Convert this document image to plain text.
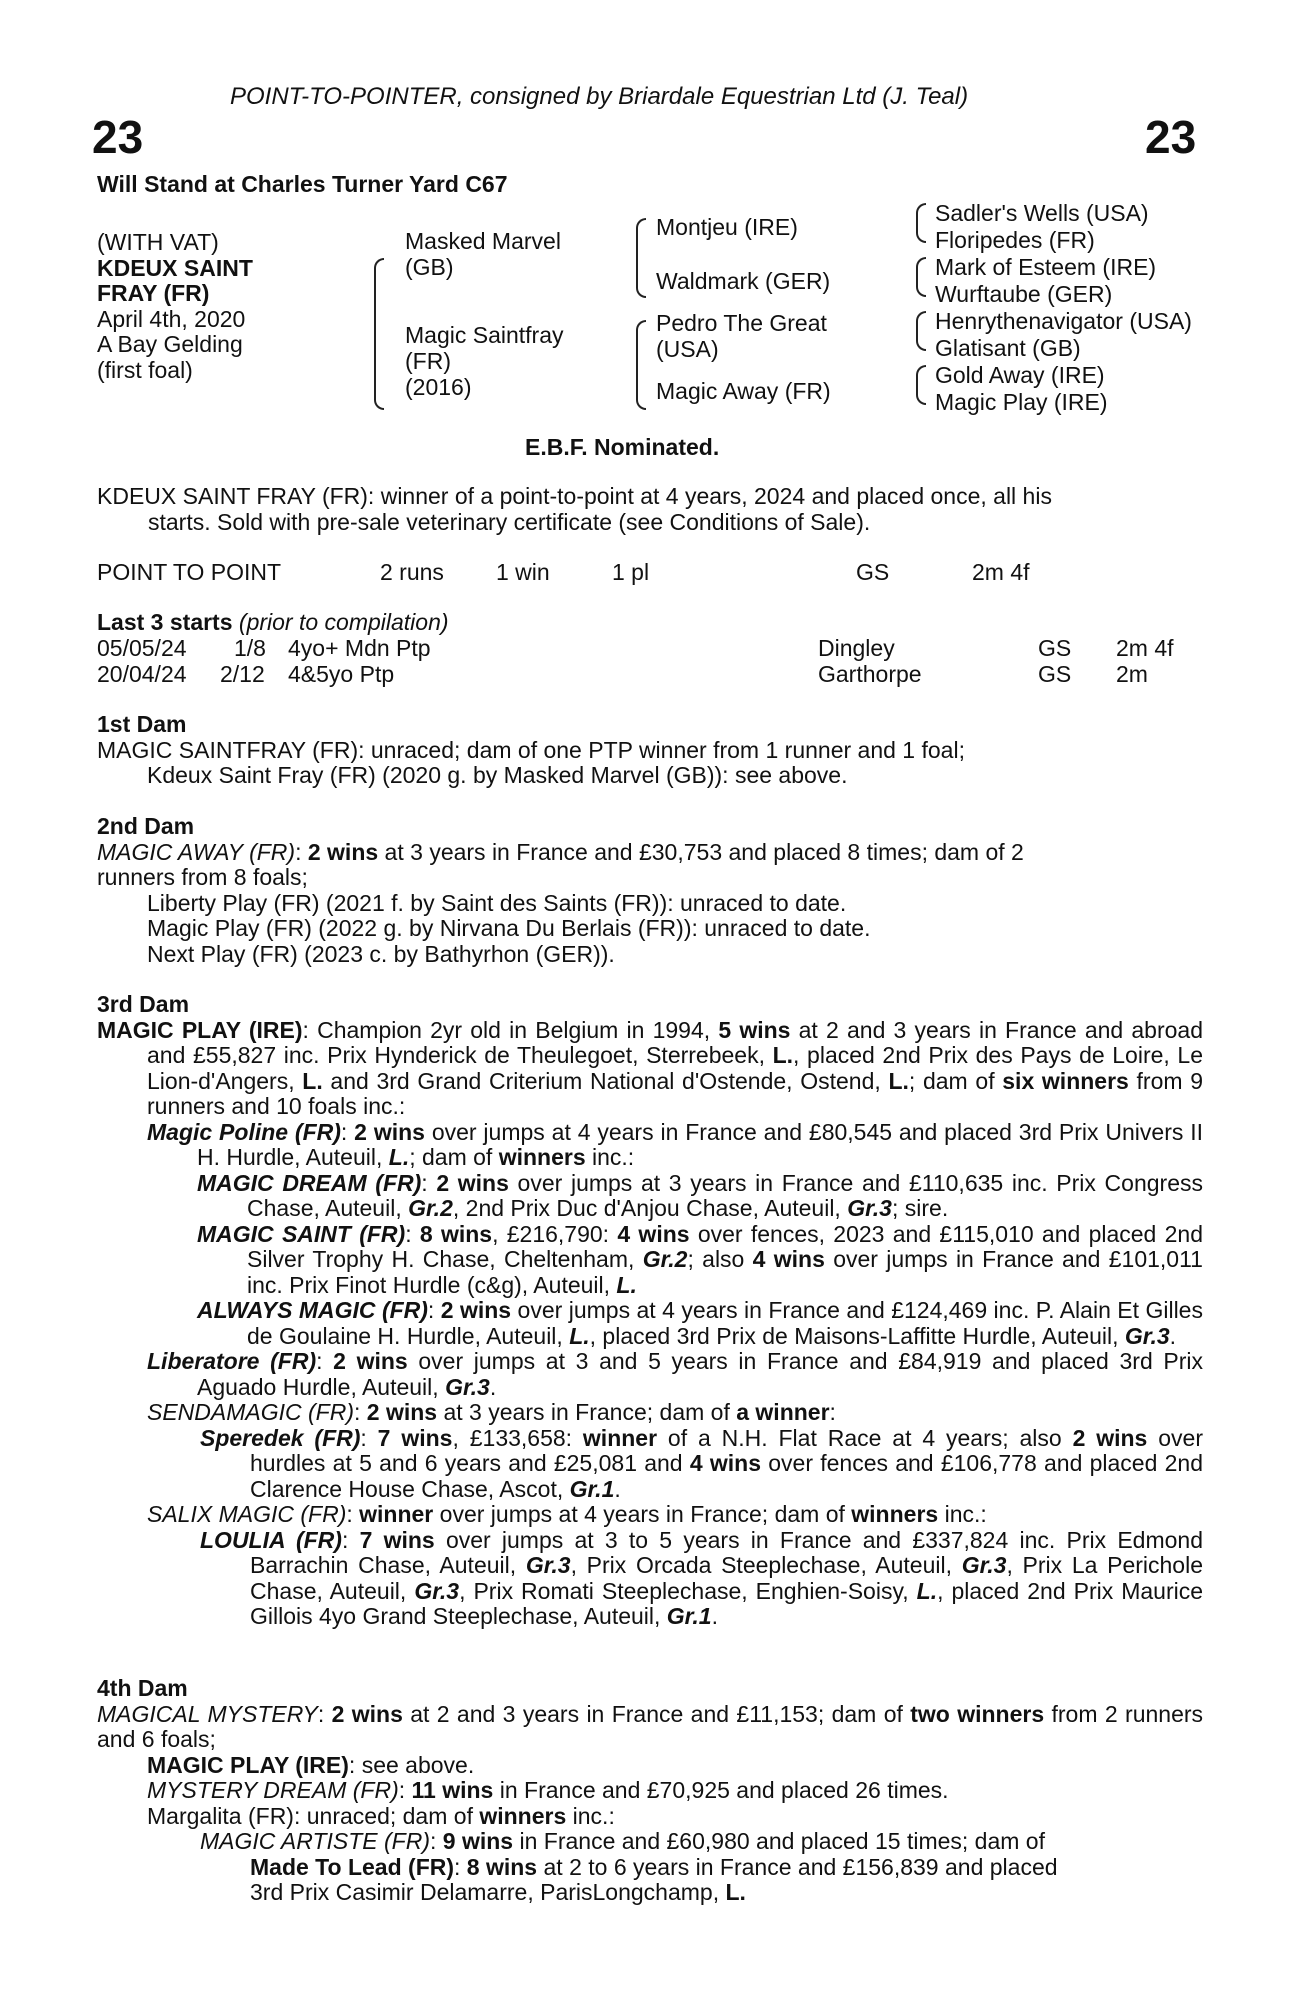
POINT-TO-POINTER, consigned by Briardale Equestrian Ltd (J. Teal)
23	23
Will Stand at Charles Turner Yard C67
(WITH VAT)
KDEUX SAINT
FRAY (FR)
April 4th, 2020
A Bay Gelding
(first foal)
Masked Marvel
(GB)
Magic Saintfray
(FR)
(2016)
Montjeu (IRE)
Waldmark (GER)
Pedro The Great
(USA)
Magic Away (FR)
Sadler's Wells (USA)
Floripedes (FR)
Mark of Esteem (IRE)
Wurftaube (GER)
Henrythenavigator (USA)
Glatisant (GB)
Gold Away (IRE)
Magic Play (IRE)
E.B.F. Nominated.
KDEUX SAINT FRAY (FR): winner of a point-to-point at 4 years, 2024 and placed once, all his
starts. Sold with pre-sale veterinary certificate (see Conditions of Sale).
POINT TO POINT	2 runs 1 win	1 pl	GS	2m 4f
Last 3 starts (prior to compilation)
05/05/24 1/8 4yo+ Mdn Ptp	Dingley	GS 2m 4f
20/04/24 2/12 4&5yo Ptp	Garthorpe	GS 2m

1st Dam

MAGIC SAINTFRAY (FR): unraced; dam of one PTP winner from 1 runner and 1 foal;

Kdeux Saint Fray (FR) (2020 g. by Masked Marvel (GB)): see above.

2nd Dam

MAGIC AWAY (FR): 2 wins at 3 years in France and £30,753 and placed 8 times; dam of 2

runners from 8 foals;

Liberty Play (FR) (2021 f. by Saint des Saints (FR)): unraced to date.

Magic Play (FR) (2022 g. by Nirvana Du Berlais (FR)): unraced to date.

Next Play (FR) (2023 c. by Bathyrhon (GER)).

3rd Dam

MAGIC PLAY (IRE): Champion 2yr old in Belgium in 1994, 5 wins at 2 and 3 years in France and abroad and £55,827 inc. Prix Hynderick de Theulegoet, Sterrebeek, L., placed 2nd Prix des Pays de Loire, Le Lion-d'Angers, L. and 3rd Grand Criterium National d'Ostende, Ostend, L.; dam of six winners from 9 runners and 10 foals inc.:

Magic Poline (FR): 2 wins over jumps at 4 years in France and £80,545 and placed 3rd Prix Univers II H. Hurdle, Auteuil, L.; dam of winners inc.:

MAGIC DREAM (FR): 2 wins over jumps at 3 years in France and £110,635 inc. Prix Congress Chase, Auteuil, Gr.2, 2nd Prix Duc d'Anjou Chase, Auteuil, Gr.3; sire.

MAGIC SAINT (FR): 8 wins, £216,790: 4 wins over fences, 2023 and £115,010 and placed 2nd Silver Trophy H. Chase, Cheltenham, Gr.2; also 4 wins over jumps in France and £101,011 inc. Prix Finot Hurdle (c&g), Auteuil, L.

ALWAYS MAGIC (FR): 2 wins over jumps at 4 years in France and £124,469 inc. P. Alain Et Gilles de Goulaine H. Hurdle, Auteuil, L., placed 3rd Prix de Maisons-Laffitte Hurdle, Auteuil, Gr.3.

Liberatore (FR): 2 wins over jumps at 3 and 5 years in France and £84,919 and placed 3rd Prix Aguado Hurdle, Auteuil, Gr.3.

SENDAMAGIC (FR): 2 wins at 3 years in France; dam of a winner:

Speredek (FR): 7 wins, £133,658: winner of a N.H. Flat Race at 4 years; also 2 wins over hurdles at 5 and 6 years and £25,081 and 4 wins over fences and £106,778 and placed 2nd Clarence House Chase, Ascot, Gr.1.

SALIX MAGIC (FR): winner over jumps at 4 years in France; dam of winners inc.:

LOULIA (FR): 7 wins over jumps at 3 to 5 years in France and £337,824 inc. Prix Edmond Barrachin Chase, Auteuil, Gr.3, Prix Orcada Steeplechase, Auteuil, Gr.3, Prix La Perichole Chase, Auteuil, Gr.3, Prix Romati Steeplechase, Enghien-Soisy, L., placed 2nd Prix Maurice Gillois 4yo Grand Steeplechase, Auteuil, Gr.1.

4th Dam

MAGICAL MYSTERY: 2 wins at 2 and 3 years in France and £11,153; dam of two winners from 2 runners and 6 foals;

MAGIC PLAY (IRE): see above.

MYSTERY DREAM (FR): 11 wins in France and £70,925 and placed 26 times.

Margalita (FR): unraced; dam of winners inc.:

MAGIC ARTISTE (FR): 9 wins in France and £60,980 and placed 15 times; dam of

Made To Lead (FR): 8 wins at 2 to 6 years in France and £156,839 and placed

3rd Prix Casimir Delamarre, ParisLongchamp, L.
